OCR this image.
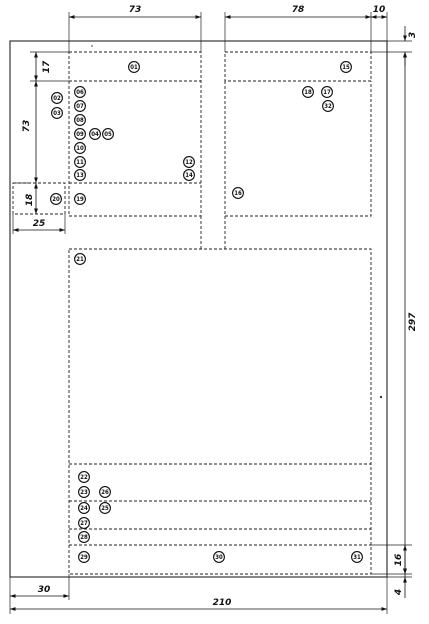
73	78	10
3
17
73
18
25
297
16
4
30
210
01
02
03
04 05
06
07
08
09
10
11	12
13	14
15
16
17
18
19
20
21
22
23
24 25
26
27
28
29	30	31
32
